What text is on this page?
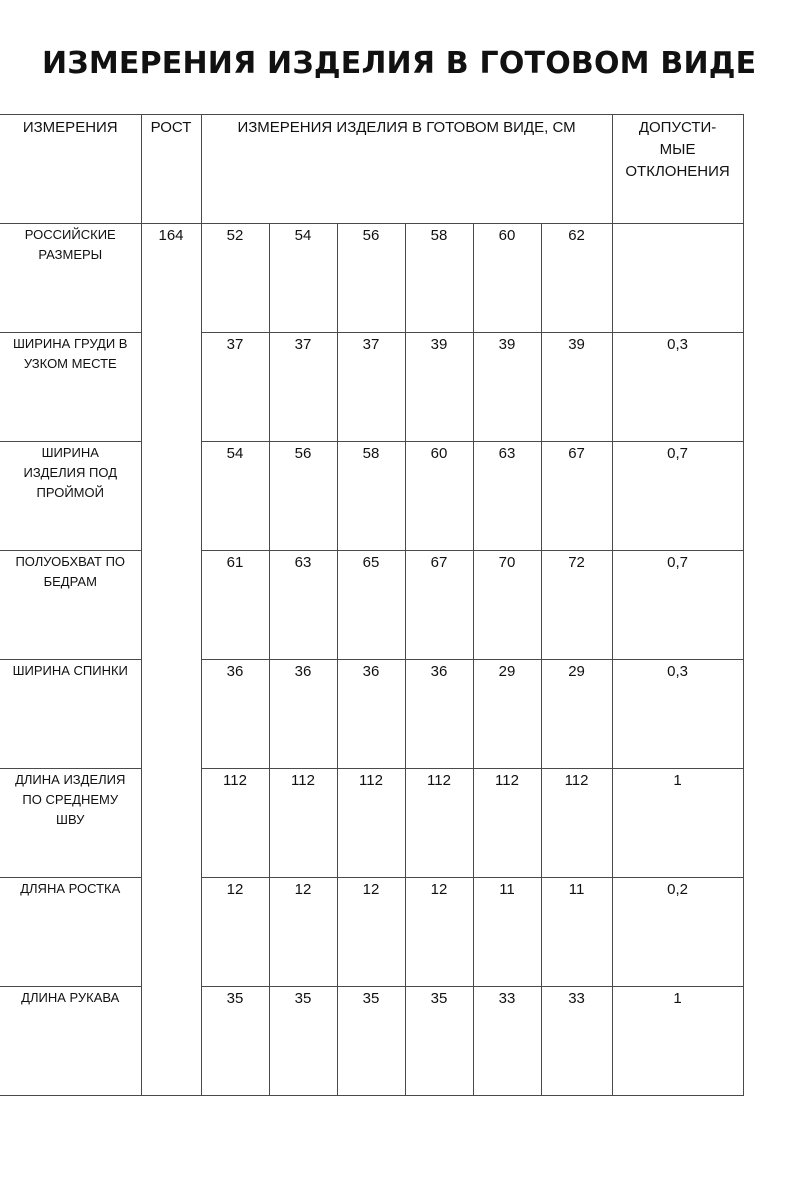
ИЗМЕРЕНИЯ ИЗДЕЛИЯ В ГОТОВОМ ВИДЕ
ИЗМЕРЕНИЯ	РОСТ	ИЗМЕРЕНИЯ ИЗДЕЛИЯ В ГОТОВОМ ВИДЕ, СМ						ДОПУСТИ-
МЫЕ
ОТКЛОНЕНИЯ

РОССИЙСКИЕ
РАЗМЕРЫ	164	52	54	56	58	60	62	

ШИРИНА ГРУДИ В
УЗКОМ МЕСТЕ		37	37	37	39	39	39	0,3

ШИРИНА
ИЗДЕЛИЯ ПОД
ПРОЙМОЙ		54	56	58	60	63	67	0,7

ПОЛУОБХВАТ ПО
БЕДРАМ		61	63	65	67	70	72	0,7

ШИРИНА СПИНКИ		36	36	36	36	29	29	0,3

ДЛИНА ИЗДЕЛИЯ
ПО СРЕДНЕМУ
ШВУ		112	112	112	112	112	112	1

ДЛЯНА РОСТКА		12	12	12	12	11	11	0,2

ДЛИНА РУКАВА		35	35	35	35	33	33	1
